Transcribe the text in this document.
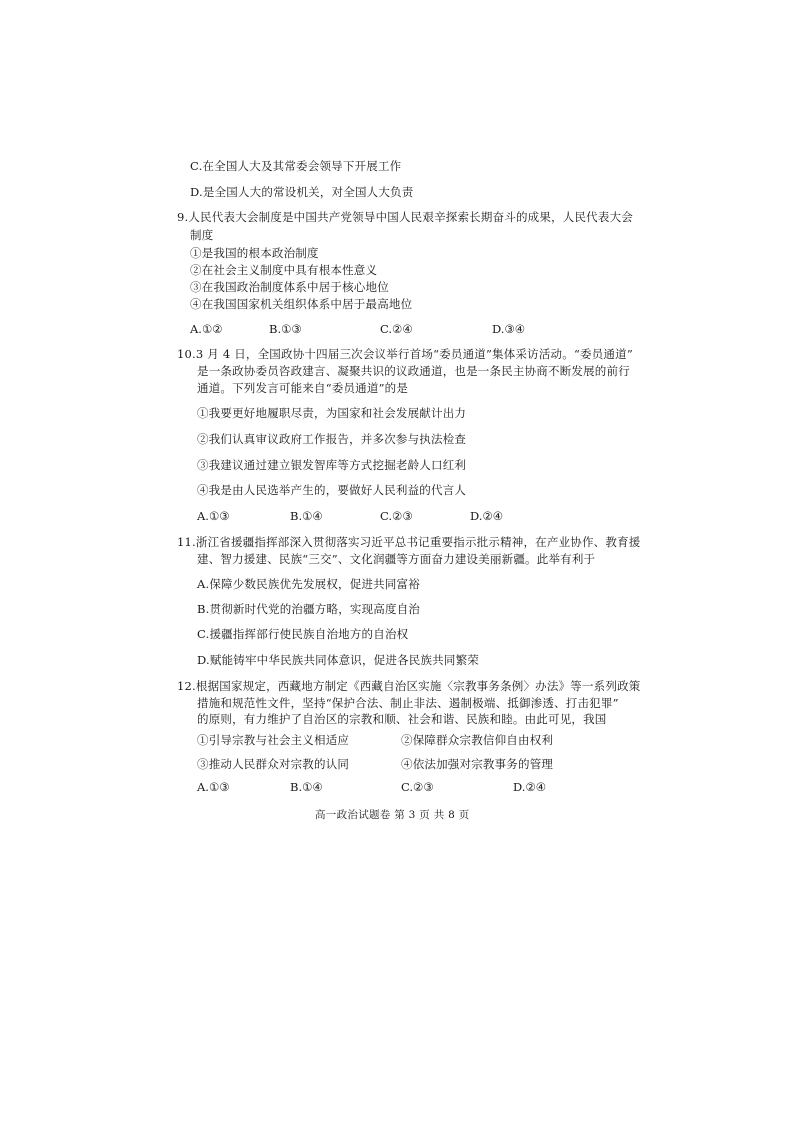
C.在全国人大及其常委会领导下开展工作
D.是全国人大的常设机关，对全国人大负责
9.人民代表大会制度是中国共产党领导中国人民艰辛探索长期奋斗的成果，人民代表大会
制度
①是我国的根本政治制度
②在社会主义制度中具有根本性意义
③在我国政治制度体系中居于核心地位
④在我国国家机关组织体系中居于最高地位
A.①②	B.①③	C.②④	D.③④
10.3 月 4 日，全国政协十四届三次会议举行首场“委员通道”集体采访活动。“委员通道”
是一条政协委员咨政建言、凝聚共识的议政通道，也是一条民主协商不断发展的前行
通道。下列发言可能来自“委员通道”的是
①我要更好地履职尽责，为国家和社会发展献计出力
②我们认真审议政府工作报告，并多次参与执法检查
③我建议通过建立银发智库等方式挖掘老龄人口红利
④我是由人民选举产生的，要做好人民利益的代言人
A.①③	B.①④	C.②③	D.②④
11.浙江省援疆指挥部深入贯彻落实习近平总书记重要指示批示精神，在产业协作、教育援
建、智力援建、民族“三交”、文化润疆等方面奋力建设美丽新疆。此举有利于
A.保障少数民族优先发展权，促进共同富裕
B.贯彻新时代党的治疆方略，实现高度自治
C.援疆指挥部行使民族自治地方的自治权
D.赋能铸牢中华民族共同体意识，促进各民族共同繁荣
12.根据国家规定，西藏地方制定《西藏自治区实施〈宗教事务条例〉办法》等一系列政策
措施和规范性文件，坚持“保护合法、制止非法、遏制极端、抵御渗透、打击犯罪”
的原则，有力维护了自治区的宗教和顺、社会和谐、民族和睦。由此可见，我国
①引导宗教与社会主义相适应	②保障群众宗教信仰自由权利
③推动人民群众对宗教的认同	④依法加强对宗教事务的管理
A.①③	B.①④	C.②③	D.②④
高一政治试题卷 第 3 页 共 8 页
